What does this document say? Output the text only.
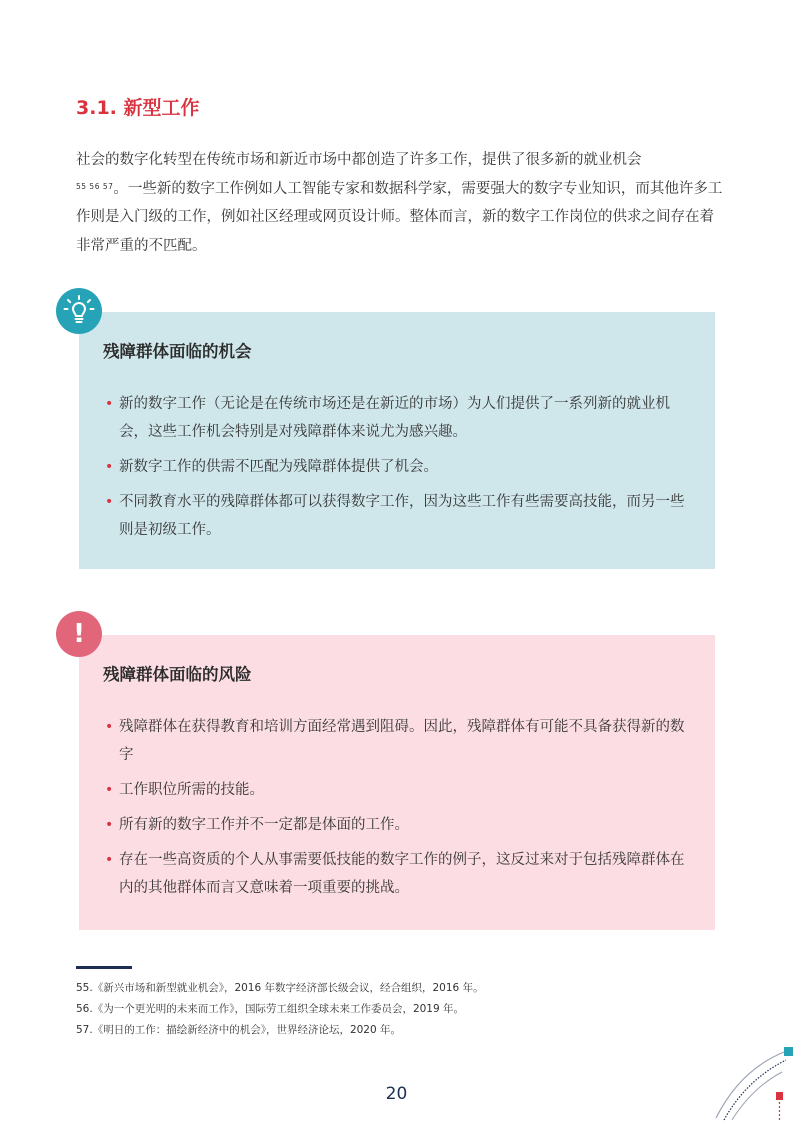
3.1. 新型工作

社会的数字化转型在传统市场和新近市场中都创造了许多工作，提供了很多新的就业机会
$^{55 56 57}$。一些新的数字工作例如人工智能专家和数据科学家，需要强大的数字专业知识，而其他许多工作则是入门级的工作，例如社区经理或网页设计师。整体而言，新的数字工作岗位的供求之间存在着非常严重的不匹配。

残障群体面临的机会
• 新的数字工作（无论是在传统市场还是在新近的市场）为人们提供了一系列新的就业机会，这些工作机会特别是对残障群体来说尤为感兴趣。
• 新数字工作的供需不匹配为残障群体提供了机会。
• 不同教育水平的残障群体都可以获得数字工作，因为这些工作有些需要高技能，而另一些则是初级工作。
残障群体面临的风险
• 残障群体在获得教育和培训方面经常遇到阻碍。因此，残障群体有可能不具备获得新的数字
• 工作职位所需的技能。
• 所有新的数字工作并不一定都是体面的工作。
• 存在一些高资质的个人从事需要低技能的数字工作的例子，这反过来对于包括残障群体在内的其他群体而言又意味着一项重要的挑战。
!
55.《新兴市场和新型就业机会》，2016 年数字经济部长级会议，经合组织，2016 年。
56.《为一个更光明的未来而工作》，国际劳工组织全球未来工作委员会，2019 年。
57.《明日的工作：描绘新经济中的机会》，世界经济论坛，2020 年。
20
